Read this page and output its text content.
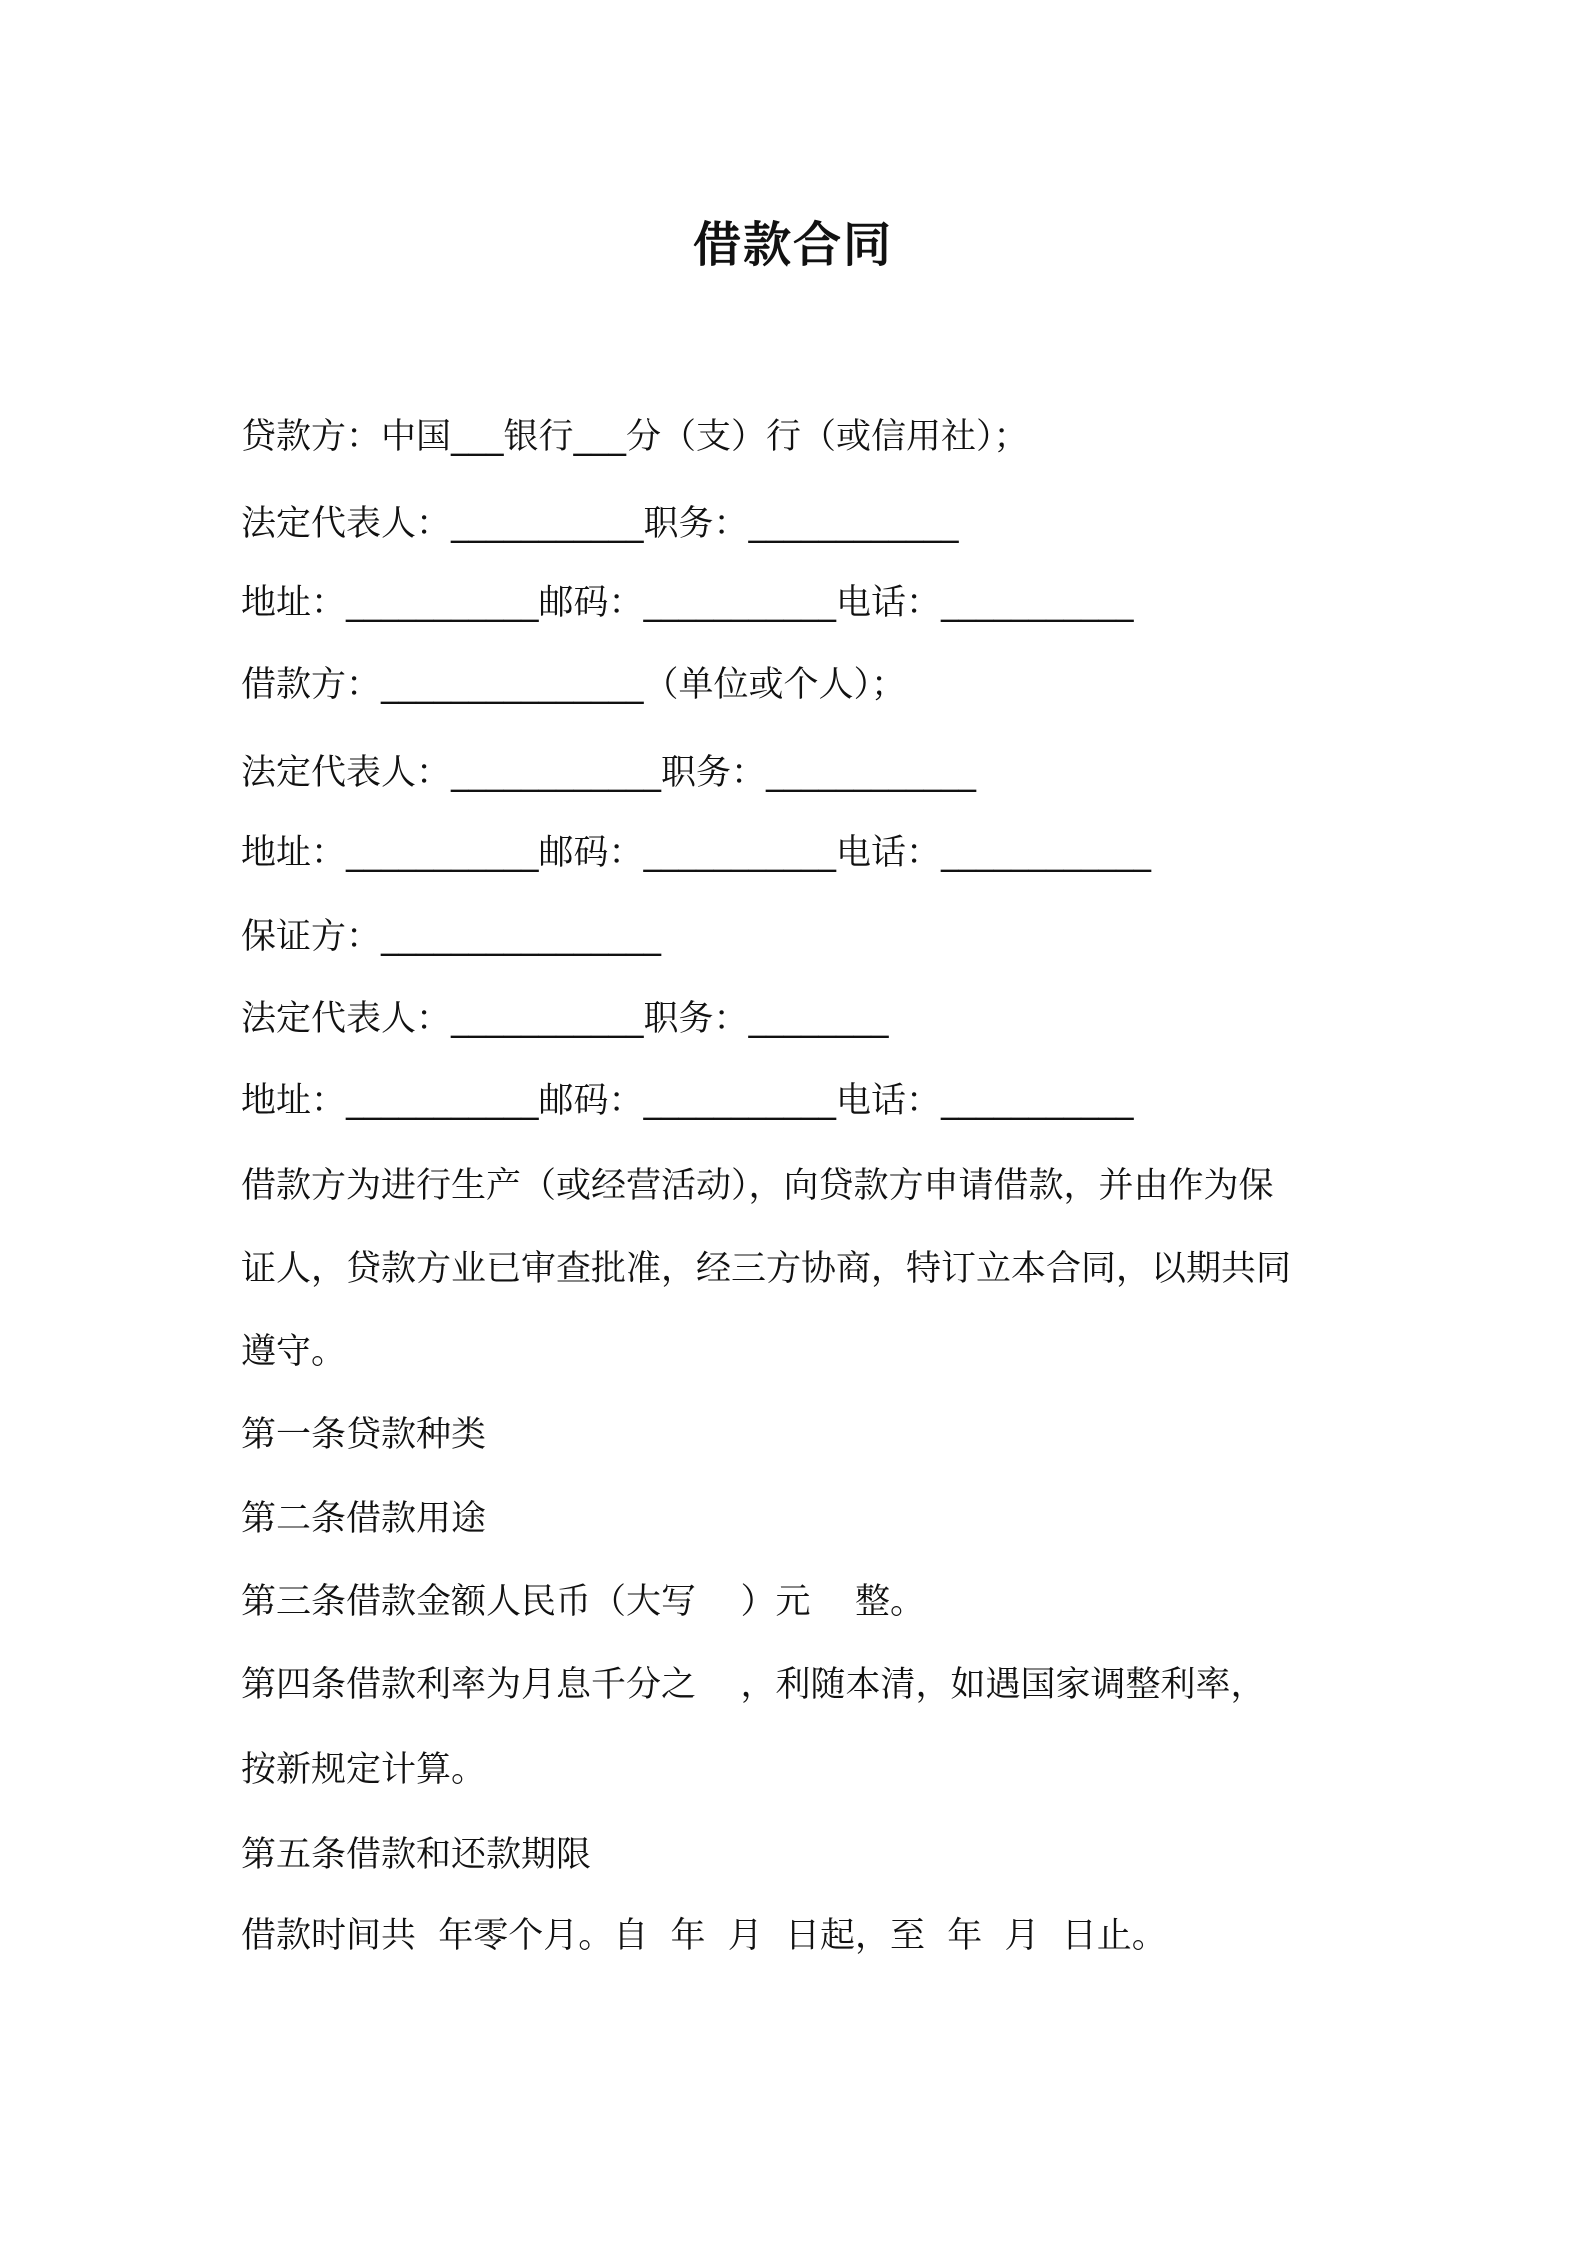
借款合同
贷款方：中国___银行___分（支）行（或信用社）；
法定代表人：___________职务：____________
地址：___________邮码：___________电话：___________
借款方：_______________（单位或个人）；
法定代表人：____________职务：____________
地址：___________邮码：___________电话：____________
保证方：________________
法定代表人：___________职务：________
地址：___________邮码：___________电话：___________
借款方为进行生产（或经营活动），向贷款方申请借款，并由作为保
证人，贷款方业已审查批准，经三方协商，特订立本合同，以期共同
遵守。
第一条贷款种类
第二条借款用途
第三条借款金额人民币（大写    ）元    整。
第四条借款利率为月息千分之    ，利随本清，如遇国家调整利率，
按新规定计算。
第五条借款和还款期限
借款时间共  年零个月。自  年  月  日起，至  年  月  日止。
